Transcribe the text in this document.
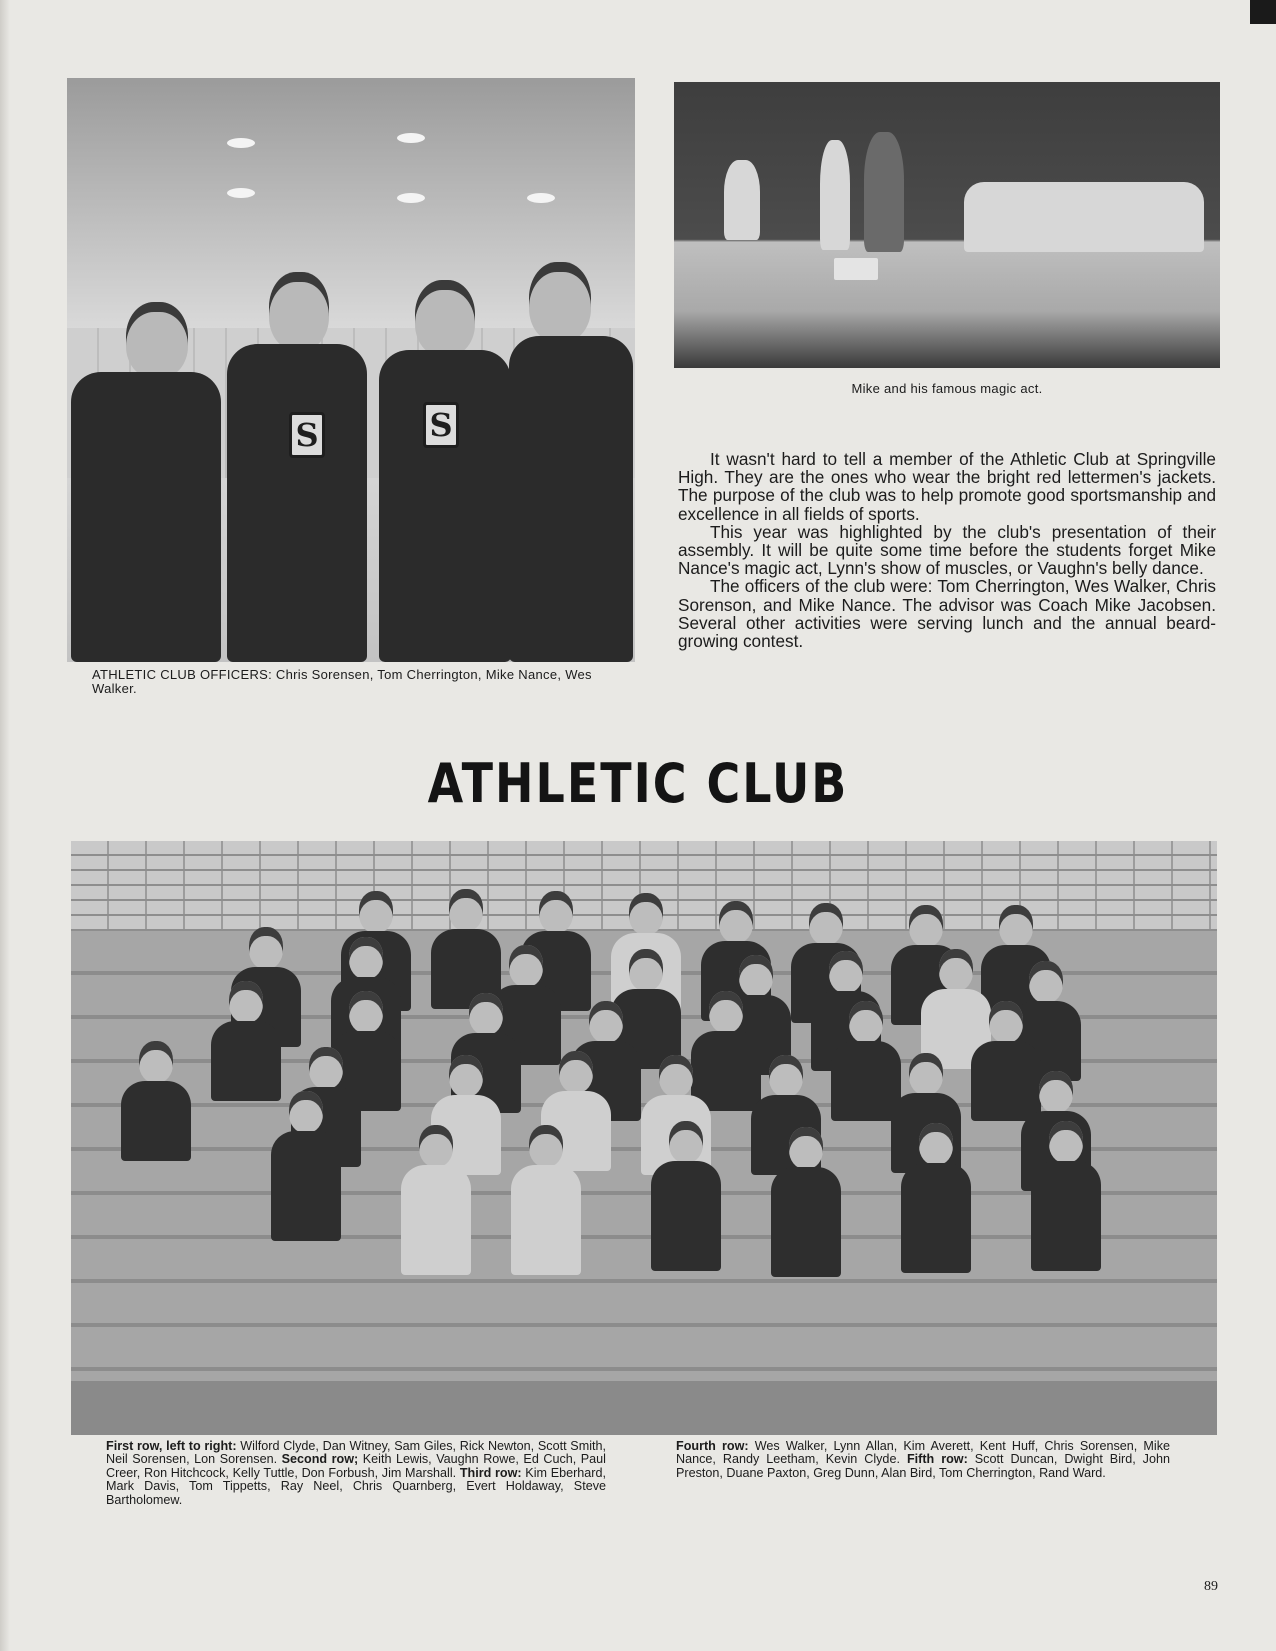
S	S
Mike and his famous magic act.
ATHLETIC CLUB OFFICERS: Chris Sorensen, Tom Cherrington, Mike Nance, Wes Walker.

It wasn't hard to tell a member of the Athletic Club at Springville High. They are the ones who wear the bright red lettermen's jackets. The purpose of the club was to help promote good sportsmanship and excellence in all fields of sports.

This year was highlighted by the club's presentation of their assembly. It will be quite some time before the students forget Mike Nance's magic act, Lynn's show of muscles, or Vaughn's belly dance.

The officers of the club were: Tom Cherrington, Wes Walker, Chris Sorenson, and Mike Nance. The advisor was Coach Mike Jacobsen. Several other activities were serving lunch and the annual beard-growing contest.

ATHLETIC CLUB
First row, left to right: Wilford Clyde, Dan Witney, Sam Giles, Rick Newton, Scott Smith, Neil Sorensen, Lon Sorensen. Second row; Keith Lewis, Vaughn Rowe, Ed Cuch, Paul Creer, Ron Hitchcock, Kelly Tuttle, Don Forbush, Jim Marshall. Third row: Kim Eberhard, Mark Davis, Tom Tippetts, Ray Neel, Chris Quarnberg, Evert Holdaway, Steve Bartholomew.
Fourth row: Wes Walker, Lynn Allan, Kim Averett, Kent Huff, Chris Sorensen, Mike Nance, Randy Leetham, Kevin Clyde. Fifth row: Scott Duncan, Dwight Bird, John Preston, Duane Paxton, Greg Dunn, Alan Bird, Tom Cherrington, Rand Ward.
89
